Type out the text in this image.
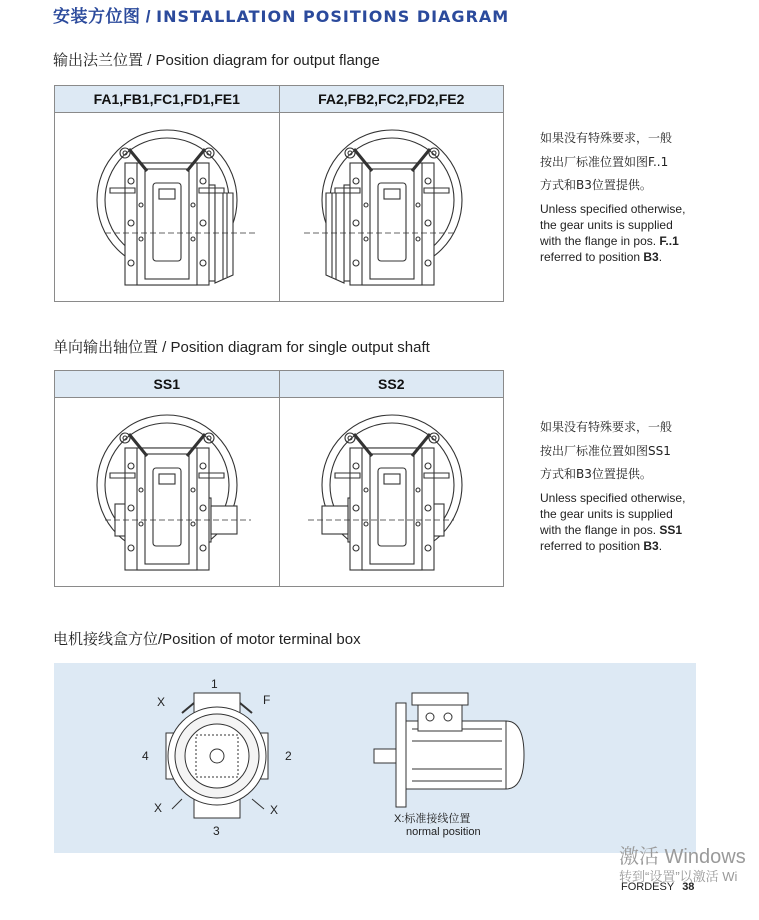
安装方位图 / INSTALLATION POSITIONS DIAGRAM
输出法兰位置 / Position diagram for output flange
FA1,FB1,FC1,FD1,FE1	FA2,FB2,FC2,FD2,FE2
如果没有特殊要求，一般
按出厂标准位置如图F..1
方式和B3位置提供。
Unless specified otherwise,
the gear units is supplied
with the flange in pos. F..1
referred to position B3.
单向输出轴位置 / Position diagram for single output shaft
SS1	SS2
如果没有特殊要求，一般
按出厂标准位置如图SS1
方式和B3位置提供。
Unless specified otherwise,
the gear units is supplied
with the flange in pos. SS1
referred to position B3.
电机接线盒方位/Position of motor terminal box
1
2
3
4
F
X
X	X
X:标准接线位置
normal position
激活 Windows
转到“设置”以激活 Wi
FORDESY 38
